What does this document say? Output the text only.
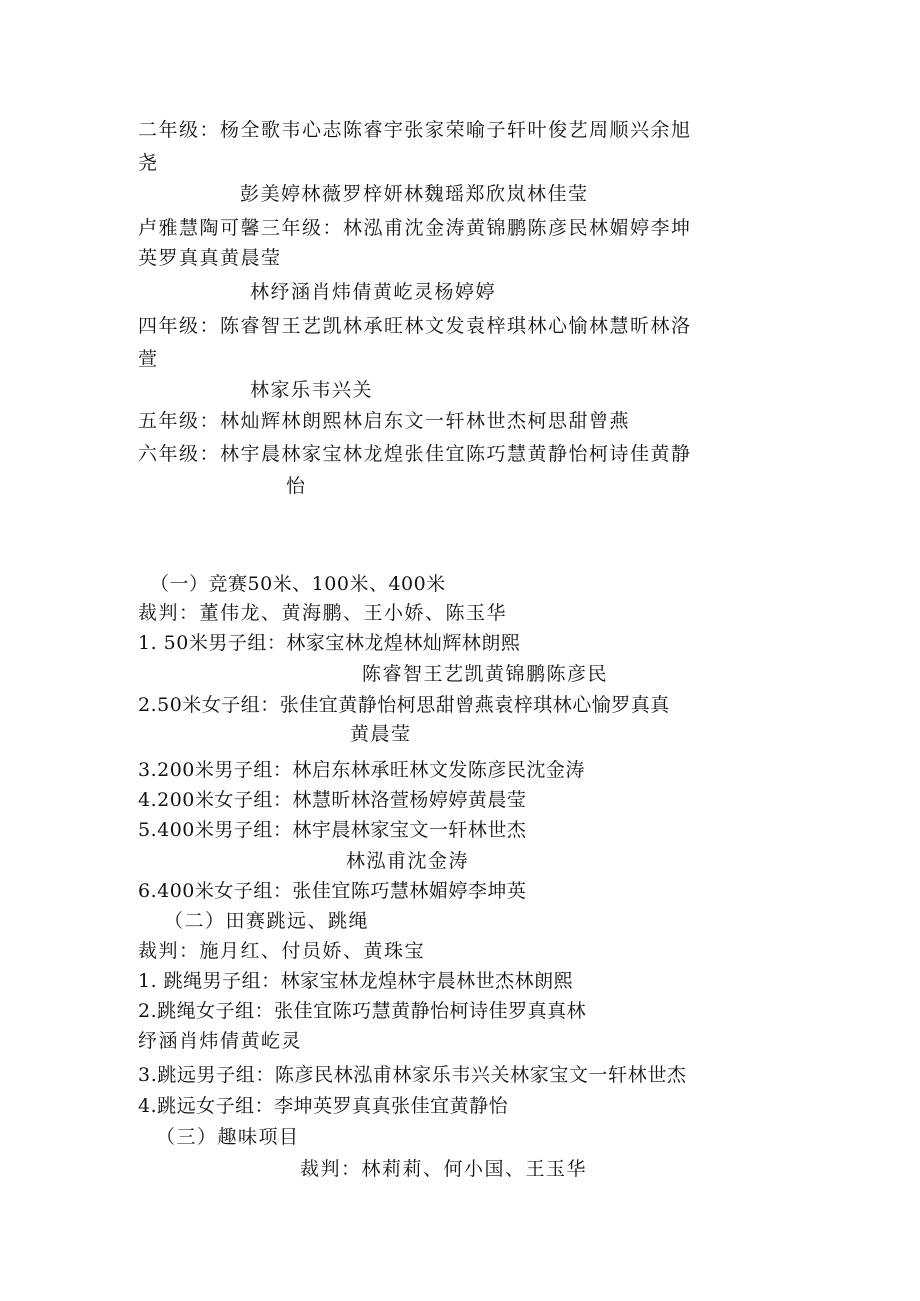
二年级：杨全歌韦心志陈睿宇张家荣喻子轩叶俊艺周顺兴余旭
尧
彭美婷林薇罗梓妍林魏瑶郑欣岚林佳莹
卢雅慧陶可馨三年级：林泓甫沈金涛黄锦鹏陈彦民林媚婷李坤
英罗真真黄晨莹
林纾涵肖炜倩黄屹灵杨婷婷
四年级：陈睿智王艺凯林承旺林文发袁梓琪林心愉林慧昕林洛
萱
林家乐韦兴关
五年级：林灿辉林朗熙林启东文一轩林世杰柯思甜曾燕
六年级：林宇晨林家宝林龙煌张佳宜陈巧慧黄静怡柯诗佳黄静
怡
（一）竞赛50米、100米、400米
裁判：董伟龙、黄海鹏、王小娇、陈玉华
1. 50米男子组：林家宝林龙煌林灿辉林朗熙
陈睿智王艺凯黄锦鹏陈彦民
2.50米女子组：张佳宜黄静怡柯思甜曾燕袁梓琪林心愉罗真真
黄晨莹
3.200米男子组：林启东林承旺林文发陈彦民沈金涛
4.200米女子组：林慧昕林洛萱杨婷婷黄晨莹
5.400米男子组：林宇晨林家宝文一轩林世杰
林泓甫沈金涛
6.400米女子组：张佳宜陈巧慧林媚婷李坤英
（二）田赛跳远、跳绳
裁判：施月红、付员娇、黄珠宝
1. 跳绳男子组：林家宝林龙煌林宇晨林世杰林朗熙
2.跳绳女子组：张佳宜陈巧慧黄静怡柯诗佳罗真真林
纾涵肖炜倩黄屹灵
3.跳远男子组：陈彦民林泓甫林家乐韦兴关林家宝文一轩林世杰
4.跳远女子组：李坤英罗真真张佳宜黄静怡
（三）趣味项目
裁判：林莉莉、何小国、王玉华
